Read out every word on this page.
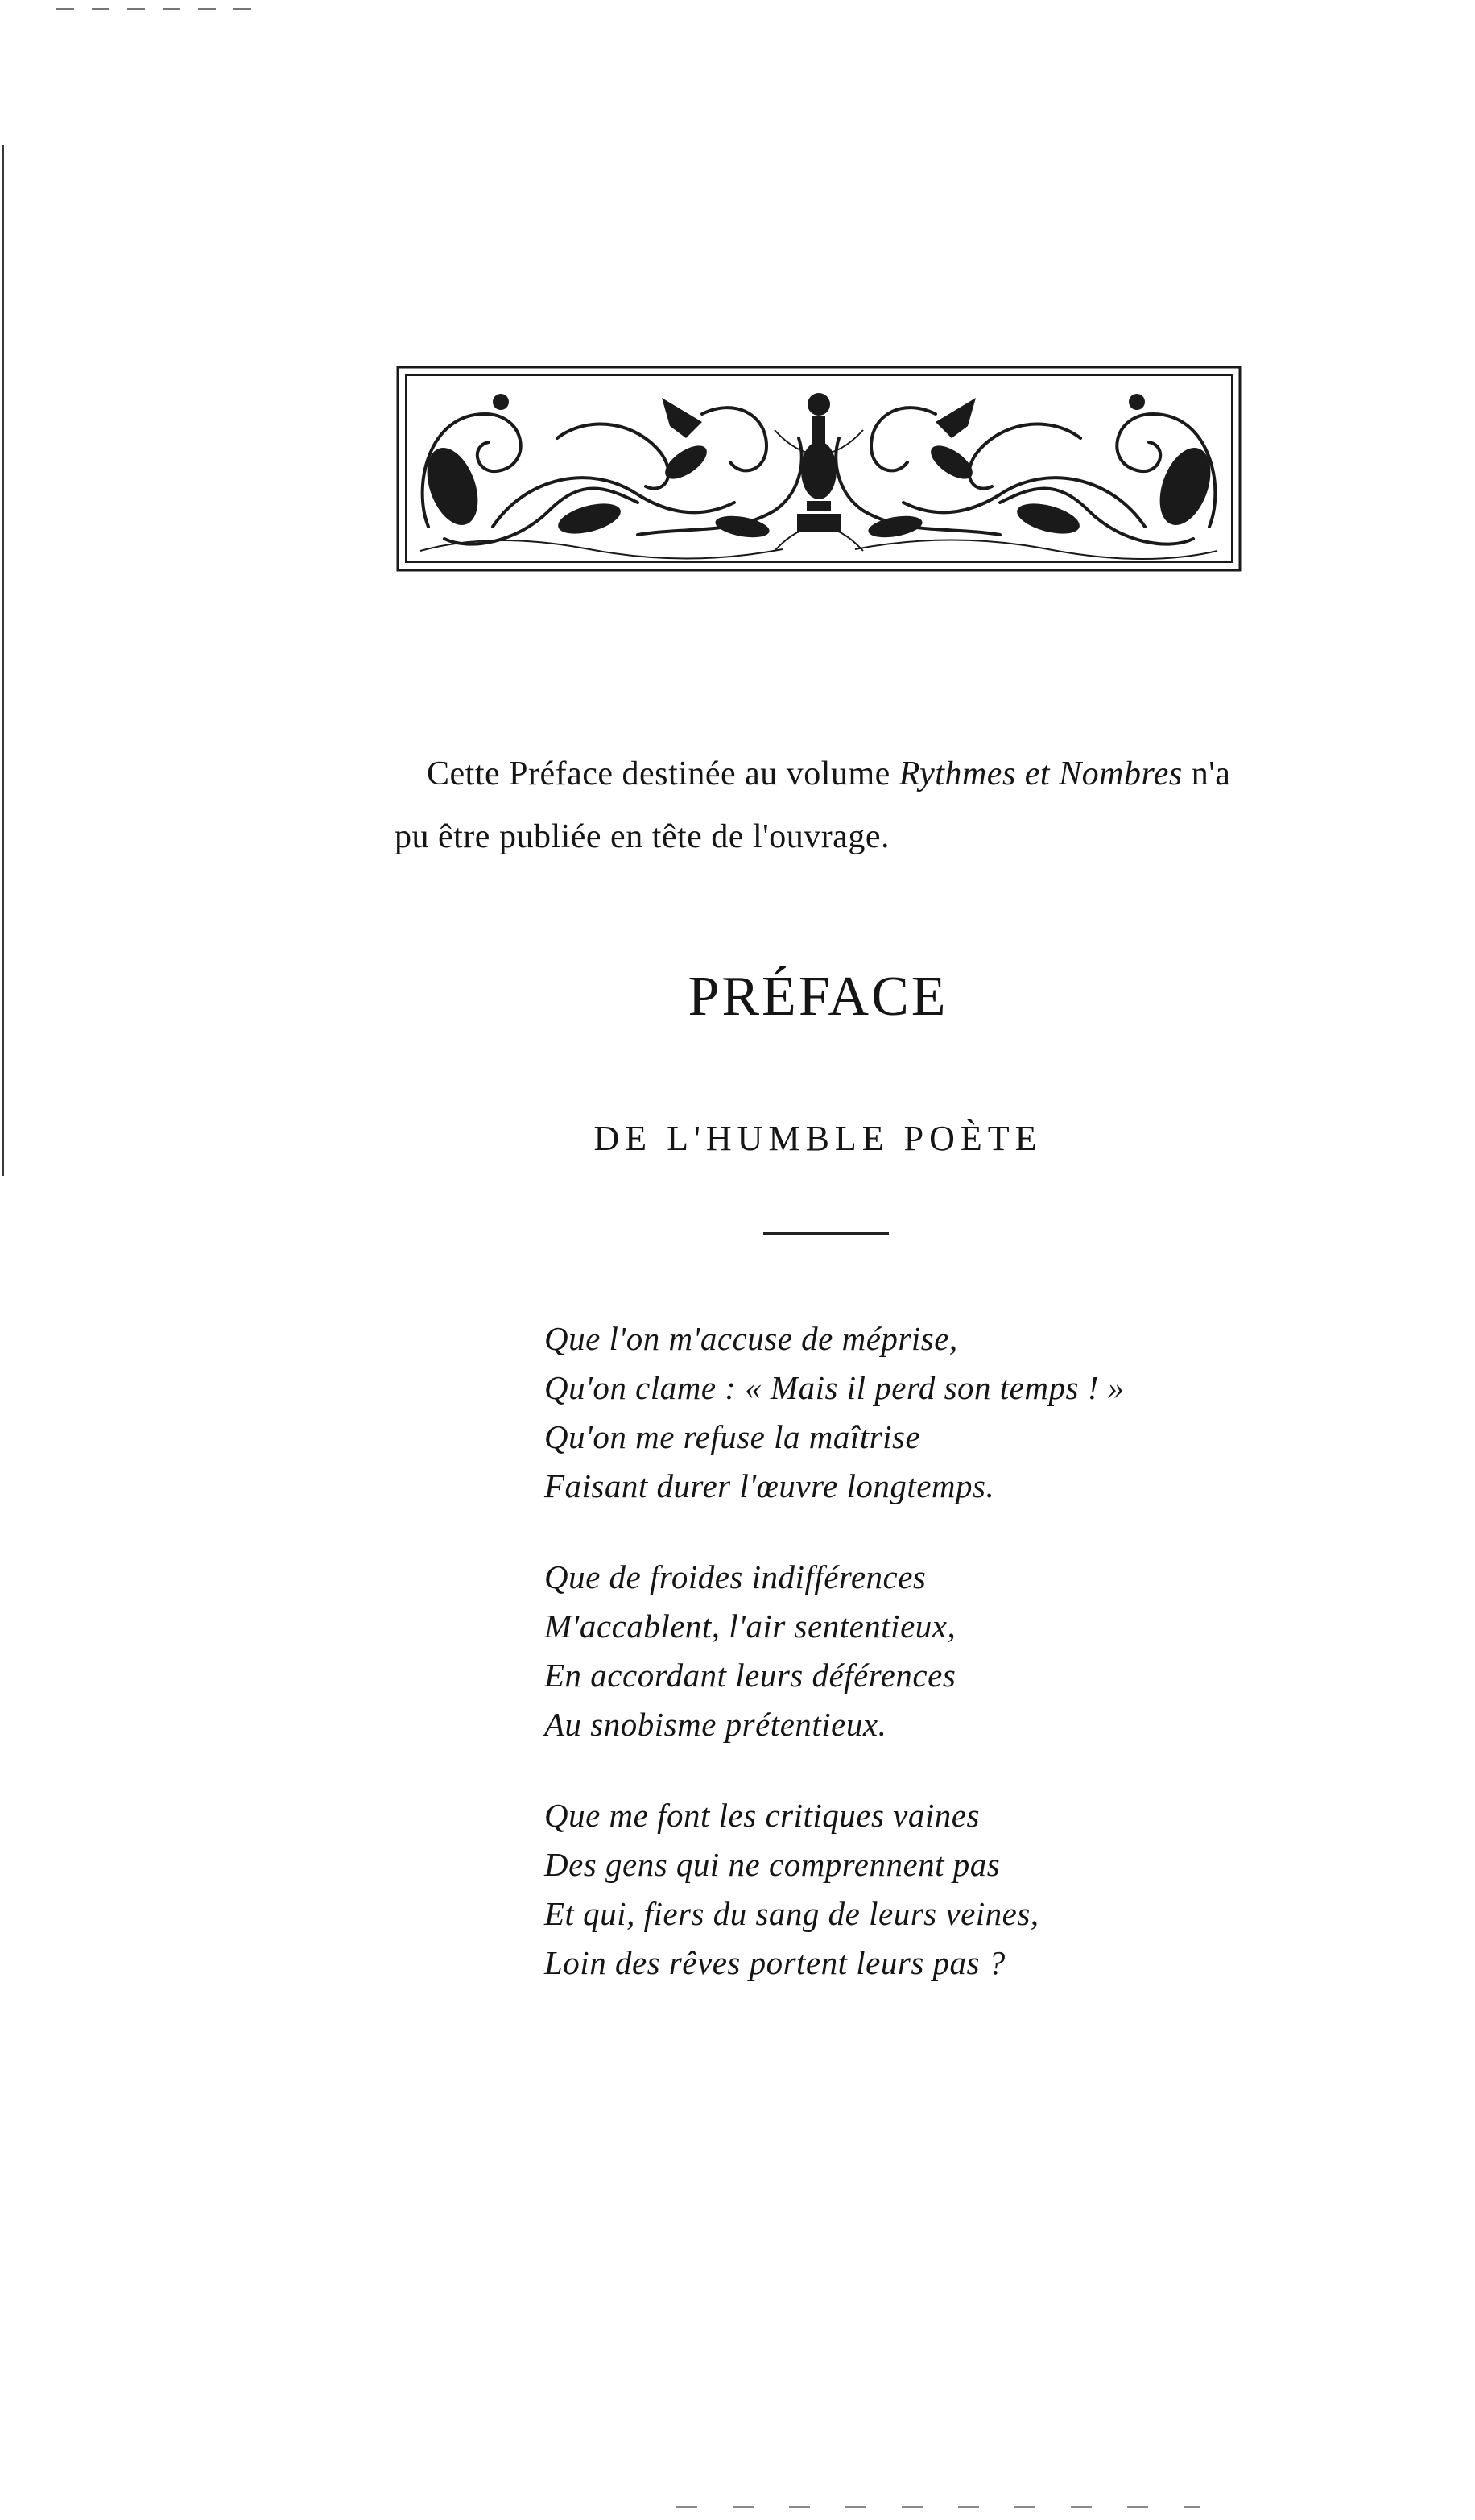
Cette Préface destinée au volume Rythmes et Nombres n'a
pu être publiée en tête de l'ouvrage.

PRÉFACE
DE L'HUMBLE POÈTE

Que l'on m'accuse de méprise,
Qu'on clame : « Mais il perd son temps ! »
Qu'on me refuse la maîtrise
Faisant durer l'œuvre longtemps.

Que de froides indifférences
M'accablent, l'air sententieux,
En accordant leurs déférences
Au snobisme prétentieux.

Que me font les critiques vaines
Des gens qui ne comprennent pas
Et qui, fiers du sang de leurs veines,
Loin des rêves portent leurs pas ?
